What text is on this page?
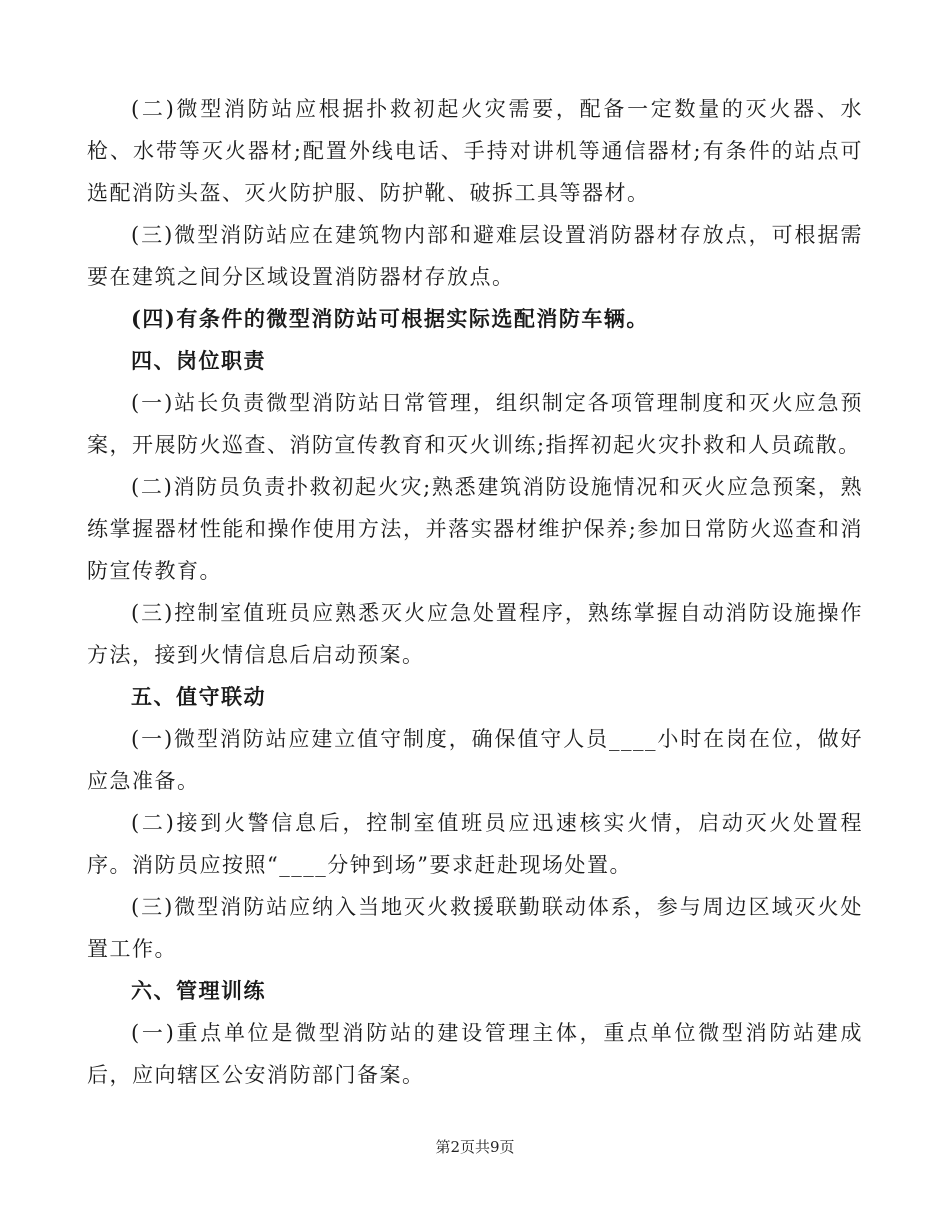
(二)微型消防站应根据扑救初起火灾需要，配备一定数量的灭火器、水枪、水带等灭火器材;配置外线电话、手持对讲机等通信器材;有条件的站点可选配消防头盔、灭火防护服、防护靴、破拆工具等器材。

(三)微型消防站应在建筑物内部和避难层设置消防器材存放点，可根据需要在建筑之间分区域设置消防器材存放点。

(四)有条件的微型消防站可根据实际选配消防车辆。

四、岗位职责

(一)站长负责微型消防站日常管理，组织制定各项管理制度和灭火应急预案，开展防火巡查、消防宣传教育和灭火训练;指挥初起火灾扑救和人员疏散。

(二)消防员负责扑救初起火灾;熟悉建筑消防设施情况和灭火应急预案，熟练掌握器材性能和操作使用方法，并落实器材维护保养;参加日常防火巡查和消防宣传教育。

(三)控制室值班员应熟悉灭火应急处置程序，熟练掌握自动消防设施操作方法，接到火情信息后启动预案。

五、值守联动

(一)微型消防站应建立值守制度，确保值守人员____小时在岗在位，做好应急准备。

(二)接到火警信息后，控制室值班员应迅速核实火情，启动灭火处置程序。消防员应按照“____分钟到场”要求赶赴现场处置。

(三)微型消防站应纳入当地灭火救援联勤联动体系，参与周边区域灭火处置工作。

六、管理训练

(一)重点单位是微型消防站的建设管理主体，重点单位微型消防站建成后，应向辖区公安消防部门备案。

第2页共9页
